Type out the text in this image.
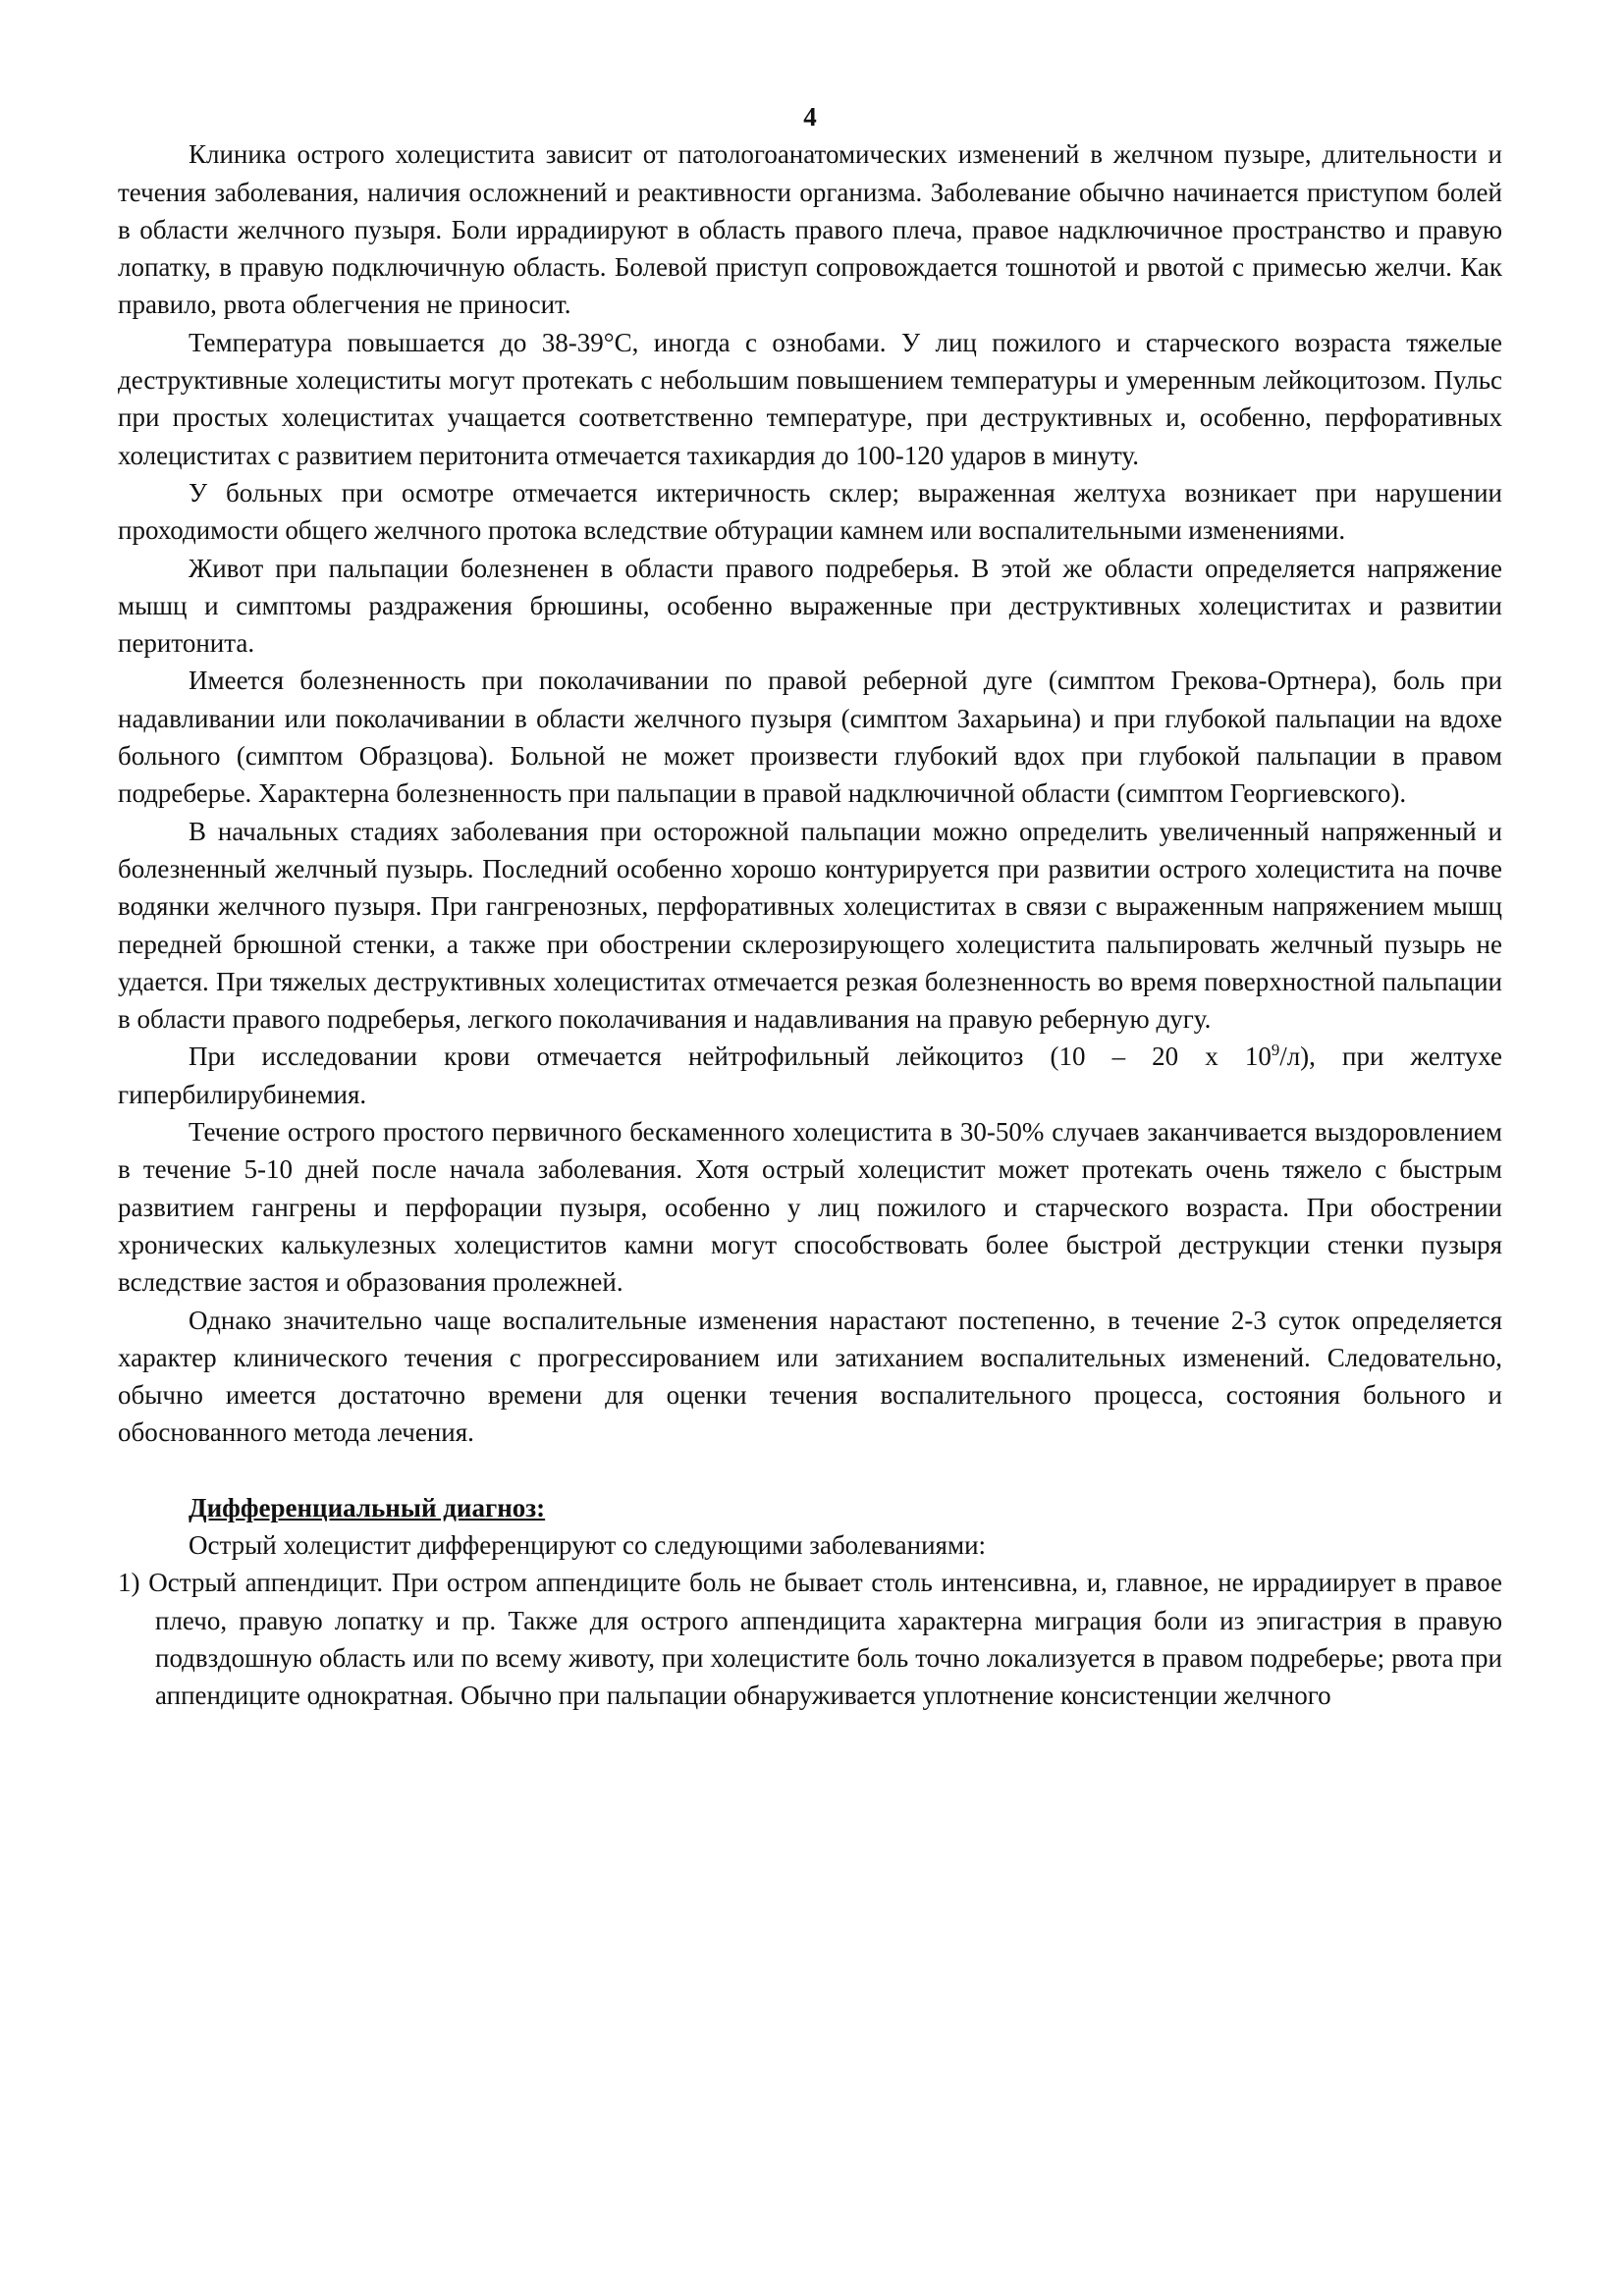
4

Клиника острого холецистита зависит от патологоанатомических изменений в желчном пузыре, длительности и течения заболевания, наличия осложнений и реактивности организма. Заболевание обычно начинается приступом болей в области желчного пузыря. Боли иррадиируют в область правого плеча, правое надключичное пространство и правую лопатку, в правую подключичную область. Болевой приступ сопровождается тошнотой и рвотой с примесью желчи. Как правило, рвота облегчения не приносит.

Температура повышается до 38-39°С, иногда с ознобами. У лиц пожилого и старческого возраста тяжелые деструктивные холециститы могут протекать с небольшим повышением температуры и умеренным лейкоцитозом. Пульс при простых холециститах учащается соответственно температуре, при деструктивных и, особенно, перфоративных холециститах с развитием перитонита отмечается тахикардия до 100-120 ударов в минуту.

У больных при осмотре отмечается иктеричность склер; выраженная желтуха возникает при нарушении проходимости общего желчного протока вследствие обтурации камнем или воспалительными изменениями.

Живот при пальпации болезненен в области правого подреберья. В этой же области определяется напряжение мышц и симптомы раздражения брюшины, особенно выраженные при деструктивных холециститах и развитии перитонита.

Имеется болезненность при поколачивании по правой реберной дуге (симптом Грекова-Ортнера), боль при надавливании или поколачивании в области желчного пузыря (симптом Захарьина) и при глубокой пальпации на вдохе больного (симптом Образцова). Больной не может произвести глубокий вдох при глубокой пальпации в правом подреберье. Характерна болезненность при пальпации в правой надключичной области (симптом Георгиевского).

В начальных стадиях заболевания при осторожной пальпации можно определить увеличенный напряженный и болезненный желчный пузырь. Последний особенно хорошо контурируется при развитии острого холецистита на почве водянки желчного пузыря. При гангренозных, перфоративных холециститах в связи с выраженным напряжением мышц передней брюшной стенки, а также при обострении склерозирующего холецистита пальпировать желчный пузырь не удается. При тяжелых деструктивных холециститах отмечается резкая болезненность во время поверхностной пальпации в области правого подреберья, легкого поколачивания и надавливания на правую реберную дугу.

При исследовании крови отмечается нейтрофильный лейкоцитоз (10 – 20 х $10^9/л$), при желтухе гипербилирубинемия.

Течение острого простого первичного бескаменного холецистита в 30-50% случаев заканчивается выздоровлением в течение 5-10 дней после начала заболевания. Хотя острый холецистит может протекать очень тяжело с быстрым развитием гангрены и перфорации пузыря, особенно у лиц пожилого и старческого возраста. При обострении хронических калькулезных холециститов камни могут способствовать более быстрой деструкции стенки пузыря вследствие застоя и образования пролежней.

Однако значительно чаще воспалительные изменения нарастают постепенно, в течение 2-3 суток определяется характер клинического течения с прогрессированием или затиханием воспалительных изменений. Следовательно, обычно имеется достаточно времени для оценки течения воспалительного процесса, состояния больного и обоснованного метода лечения.

Дифференциальный диагноз:

Острый холецистит дифференцируют со следующими заболеваниями:

1) Острый аппендицит. При остром аппендиците боль не бывает столь интенсивна, и, главное, не иррадиирует в правое плечо, правую лопатку и пр. Также для острого аппендицита характерна миграция боли из эпигастрия в правую подвздошную область или по всему животу, при холецистите боль точно локализуется в правом подреберье; рвота при аппендиците однократная. Обычно при пальпации обнаруживается уплотнение консистенции желчного
